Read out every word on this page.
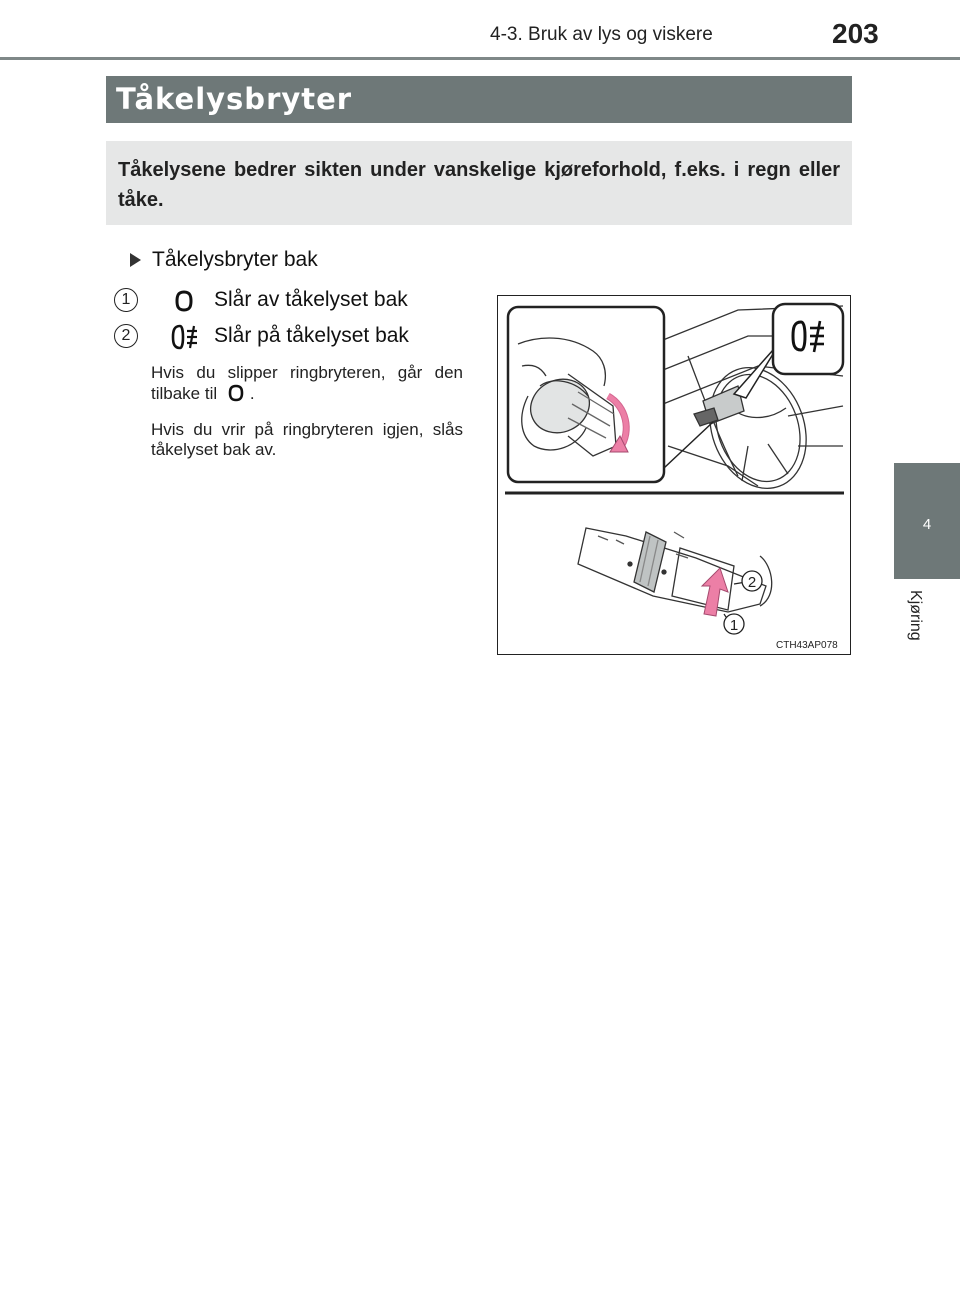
4-3. Bruk av lys og viskere	203
4
Kjøring
Tåkelysbryter
Tåkelysene bedrer sikten under vanskelige kjøreforhold, f.eks. i regn eller tåke.
Tåkelysbryter bak
1	Slår av tåkelyset bak
2	Slår på tåkelyset bak
Hvis du slipper ringbryteren, går den tilbake til .
Hvis du vrir på ringbryteren igjen, slås tåkelyset bak av.
2
1
CTH43AP078
